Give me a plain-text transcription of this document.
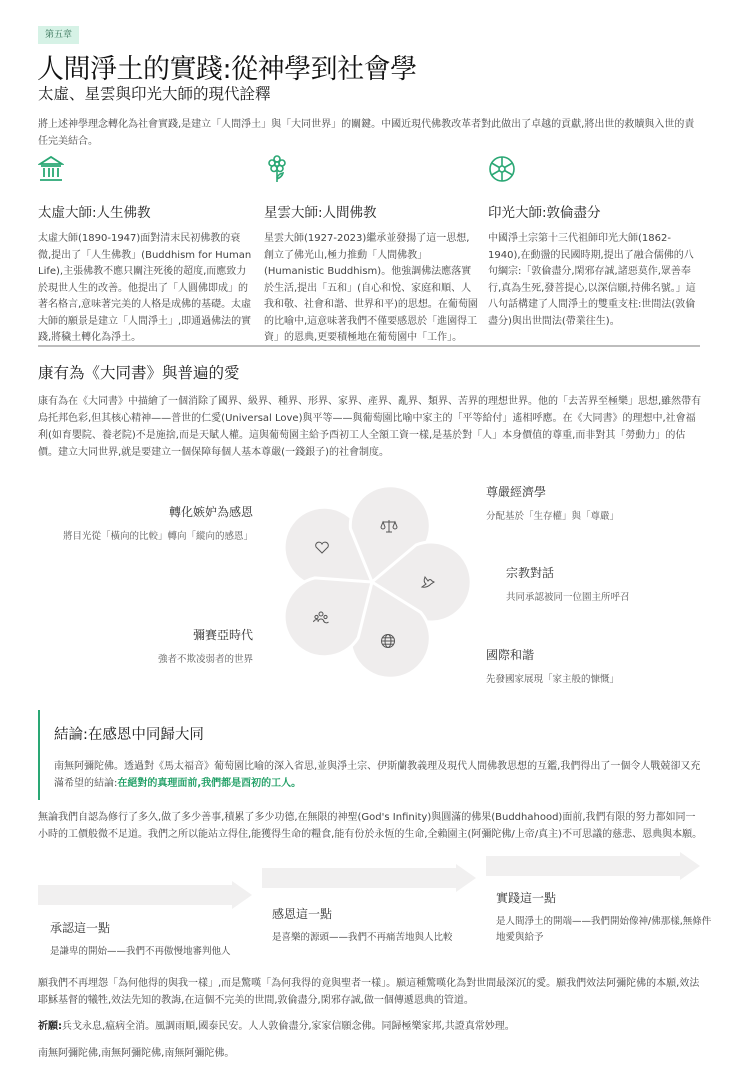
第五章
人間淨土的實踐:從神學到社會學
太虛、星雲與印光大師的現代詮釋
將上述神學理念轉化為社會實踐,是建立「人間淨土」與「大同世界」的關鍵。中國近現代佛教改革者對此做出了卓越的貢獻,將出世的救贖與入世的責任完美結合。
太虛大師:人生佛教
太虛大師(1890-1947)面對清末民初佛教的衰微,提出了「人生佛教」(Buddhism for Human Life),主張佛教不應只關注死後的超度,而應致力於現世人生的改善。他提出了「人圓佛即成」的著名格言,意味著完美的人格是成佛的基礎。太虛大師的願景是建立「人間淨土」,即通過佛法的實踐,將穢土轉化為淨土。
星雲大師:人間佛教
星雲大師(1927-2023)繼承並發揚了這一思想,創立了佛光山,極力推動「人間佛教」(Humanistic Buddhism)。他強調佛法應落實於生活,提出「五和」(自心和悅、家庭和順、人我和敬、社會和諧、世界和平)的思想。在葡萄園的比喻中,這意味著我們不僅要感恩於「進園得工資」的恩典,更要積極地在葡萄園中「工作」。
印光大師:敦倫盡分
中國淨土宗第十三代祖師印光大師(1862-1940),在動盪的民國時期,提出了融合儒佛的八句綱宗:「敦倫盡分,閑邪存誠,諸惡莫作,眾善奉行,真為生死,發菩提心,以深信願,持佛名號。」這八句話構建了人間淨土的雙重支柱:世間法(敦倫盡分)與出世間法(帶業往生)。
康有為《大同書》與普遍的愛
康有為在《大同書》中描繪了一個消除了國界、級界、種界、形界、家界、產界、亂界、類界、苦界的理想世界。他的「去苦界至極樂」思想,雖然帶有烏托邦色彩,但其核心精神——普世的仁愛(Universal Love)與平等——與葡萄園比喻中家主的「平等給付」遙相呼應。在《大同書》的理想中,社會福利(如育嬰院、養老院)不是施捨,而是天賦人權。這與葡萄園主給予酉初工人全額工資一樣,是基於對「人」本身價值的尊重,而非對其「勞動力」的估價。建立大同世界,就是要建立一個保障每個人基本尊嚴(一錢銀子)的社會制度。
轉化嫉妒為感恩
將目光從「橫向的比較」轉向「縱向的感恩」
尊嚴經濟學
分配基於「生存權」與「尊嚴」
宗教對話
共同承認被同一位園主所呼召
國際和諧
先發國家展現「家主般的慷慨」
彌賽亞時代
強者不欺凌弱者的世界
結論:在感恩中同歸大同
南無阿彌陀佛。透過對《馬太福音》葡萄園比喻的深入省思,並與淨土宗、伊斯蘭教義理及現代人間佛教思想的互鑑,我們得出了一個令人戰兢卻又充滿希望的結論:在絕對的真理面前,我們都是酉初的工人。
無論我們自認為修行了多久,做了多少善事,積累了多少功德,在無限的神聖(God's Infinity)與圓滿的佛果(Buddhahood)面前,我們有限的努力都如同一小時的工價般微不足道。我們之所以能站立得住,能獲得生命的糧食,能有份於永恆的生命,全賴園主(阿彌陀佛/上帝/真主)不可思議的慈悲、恩典與本願。
承認這一點
是謙卑的開始——我們不再傲慢地審判他人
感恩這一點
是喜樂的源頭——我們不再痛苦地與人比較
實踐這一點
是人間淨土的開端——我們開始像神/佛那樣,無條件地愛與給予
願我們不再埋怨「為何他得的與我一樣」,而是驚嘆「為何我得的竟與聖者一樣」。願這種驚嘆化為對世間最深沉的愛。願我們效法阿彌陀佛的本願,效法耶穌基督的犧牲,效法先知的教誨,在這個不完美的世間,敦倫盡分,閑邪存誠,做一個傳遞恩典的管道。
祈願:兵戈永息,瘟病全消。風調雨順,國泰民安。人人敦倫盡分,家家信願念佛。同歸極樂家邦,共證真常妙理。
南無阿彌陀佛,南無阿彌陀佛,南無阿彌陀佛。
